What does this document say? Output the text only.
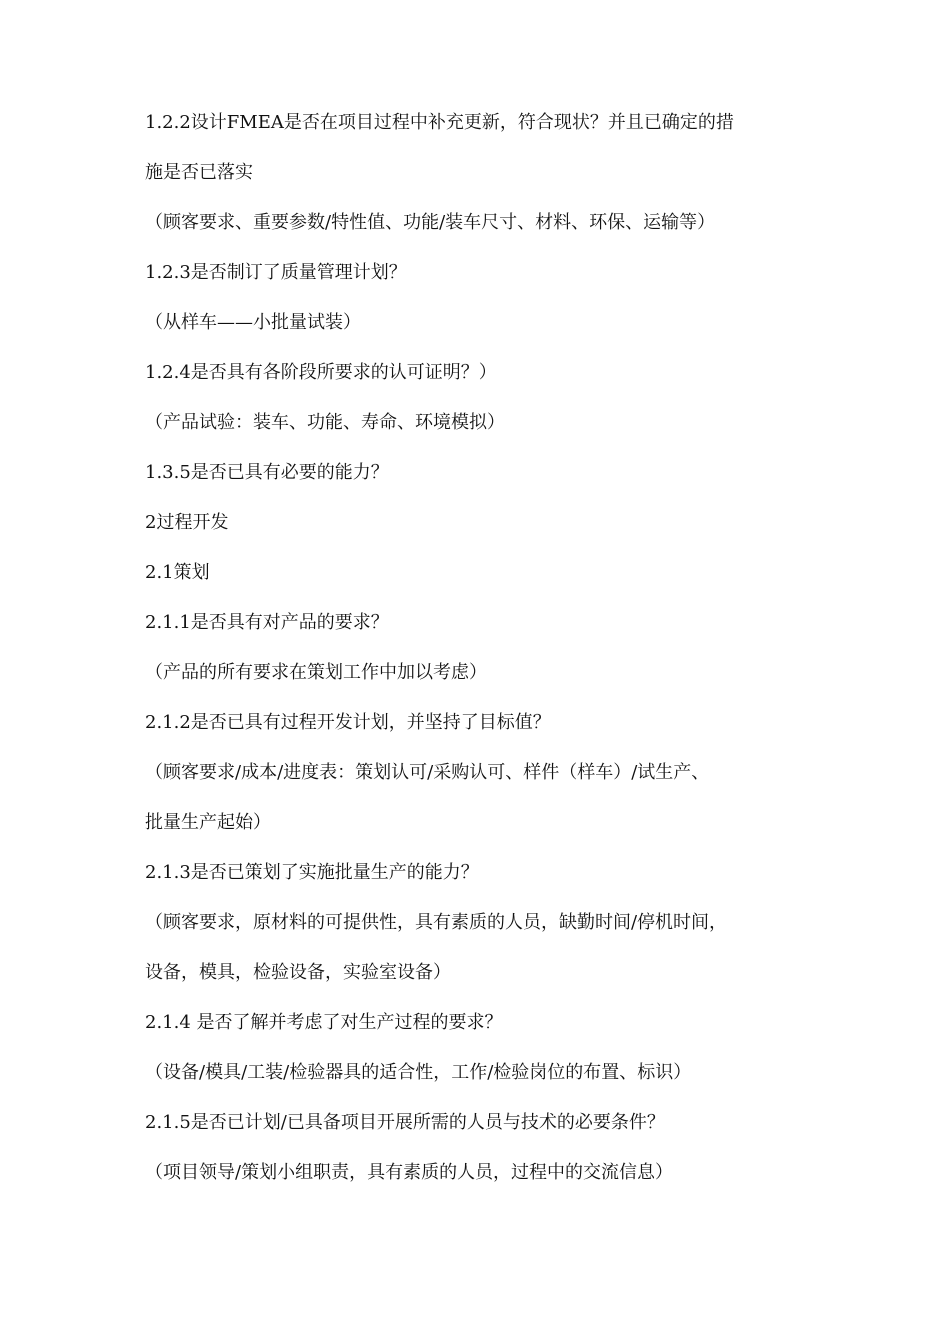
1.2.2设计FMEA是否在项目过程中补充更新，符合现状？并且已确定的措
施是否已落实
（顾客要求、重要参数/特性值、功能/装车尺寸、材料、环保、运输等）
1.2.3是否制订了质量管理计划？
（从样车——小批量试装）
1.2.4是否具有各阶段所要求的认可证明？）
（产品试验：装车、功能、寿命、环境模拟）
1.3.5是否已具有必要的能力？
2过程开发
2.1策划
2.1.1是否具有对产品的要求？
（产品的所有要求在策划工作中加以考虑）
2.1.2是否已具有过程开发计划，并坚持了目标值？
（顾客要求/成本/进度表：策划认可/采购认可、样件（样车）/试生产、
批量生产起始）
2.1.3是否已策划了实施批量生产的能力？
（顾客要求，原材料的可提供性，具有素质的人员，缺勤时间/停机时间，
设备，模具，检验设备，实验室设备）
2.1.4 是否了解并考虑了对生产过程的要求？
（设备/模具/工装/检验器具的适合性，工作/检验岗位的布置、标识）
2.1.5是否已计划/已具备项目开展所需的人员与技术的必要条件？
（项目领导/策划小组职责，具有素质的人员，过程中的交流信息）
